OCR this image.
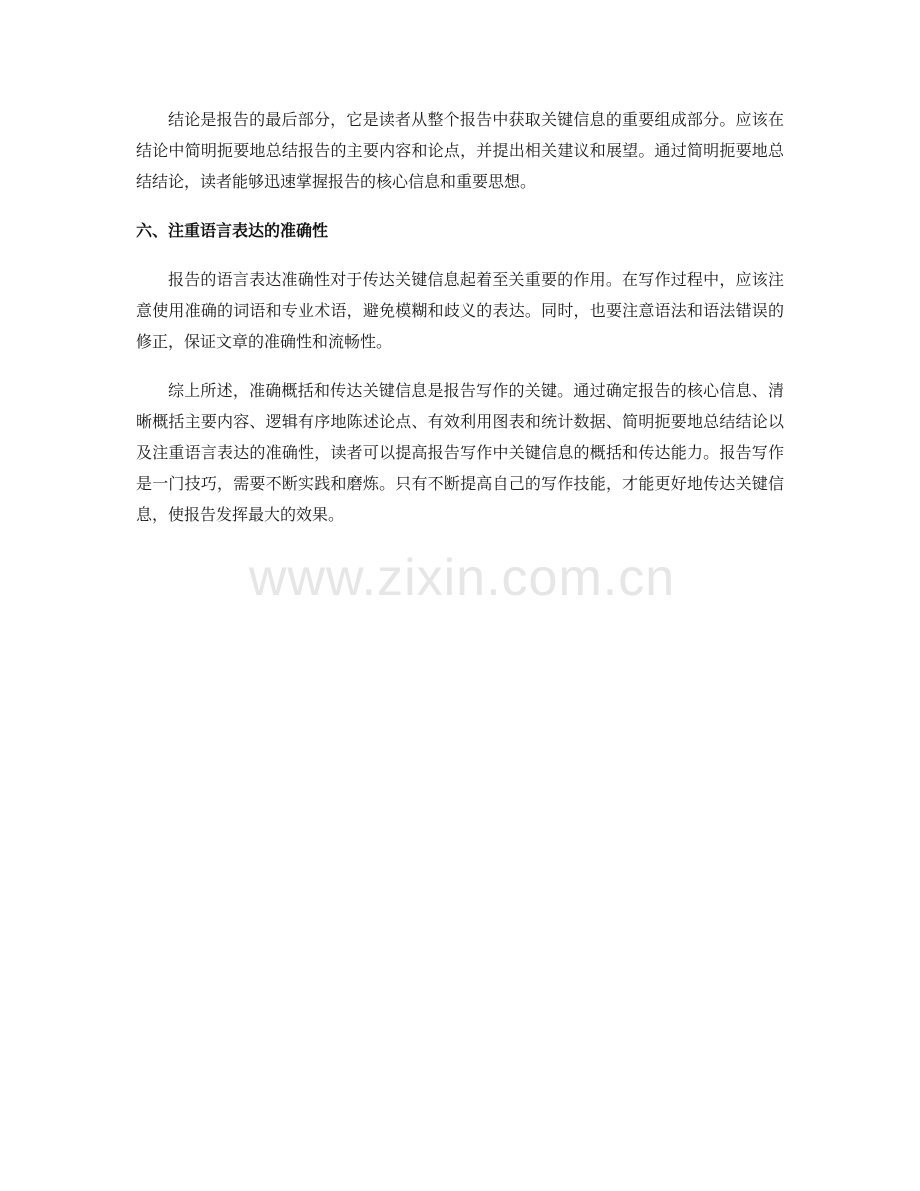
结论是报告的最后部分，它是读者从整个报告中获取关键信息的重要组成部分。应该在结论中简明扼要地总结报告的主要内容和论点，并提出相关建议和展望。通过简明扼要地总结结论，读者能够迅速掌握报告的核心信息和重要思想。

六、注重语言表达的准确性

报告的语言表达准确性对于传达关键信息起着至关重要的作用。在写作过程中，应该注意使用准确的词语和专业术语，避免模糊和歧义的表达。同时，也要注意语法和语法错误的修正，保证文章的准确性和流畅性。

综上所述，准确概括和传达关键信息是报告写作的关键。通过确定报告的核心信息、清晰概括主要内容、逻辑有序地陈述论点、有效利用图表和统计数据、简明扼要地总结结论以及注重语言表达的准确性，读者可以提高报告写作中关键信息的概括和传达能力。报告写作是一门技巧，需要不断实践和磨炼。只有不断提高自己的写作技能，才能更好地传达关键信息，使报告发挥最大的效果。

www.zixin.com.cn
